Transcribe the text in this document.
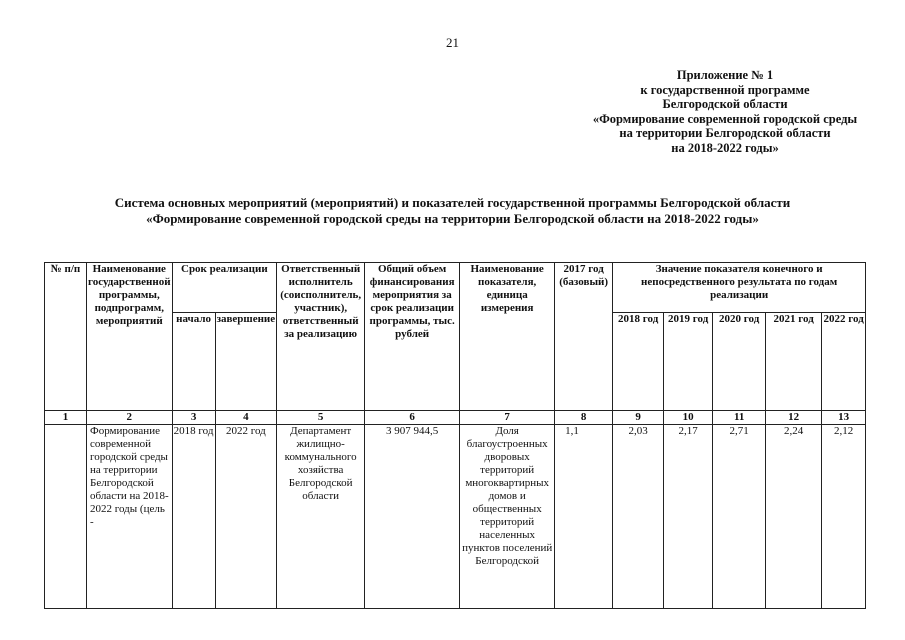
21
Приложение № 1
к государственной программе
Белгородской области
«Формирование современной городской среды
на территории Белгородской области
на 2018-2022 годы»
Система основных мероприятий (мероприятий) и показателей государственной программы Белгородской области
«Формирование современной городской среды на территории Белгородской области на 2018-2022 годы»
№ п/п	Наименование государственной программы, подпрограмм, мероприятий	Срок реализации		Ответственный исполнитель (соисполнитель, участник), ответственный за реализацию	Общий объем финансирования мероприятия за срок реализации программы, тыс. рублей	Наименование показателя, единица измерения	2017 год (базовый)	Значение показателя конечного и непосредственного результата по годам реализации				
		начало	завершение					2018 год	2019 год	2020 год	2021 год	2022 год
1	2	3	4	5	6	7	8	9	10	11	12	13
	Формирование современной городской среды на территории Белгородской области на 2018-2022 годы (цель -	2018 год	2022 год	Департамент жилищно-коммунального хозяйства Белгородской области	3 907 944,5	Доля благоустроенных дворовых территорий многоквартирных домов и общественных территорий населенных пунктов поселений Белгородской	1,1	2,03	2,17	2,71	2,24	2,12
